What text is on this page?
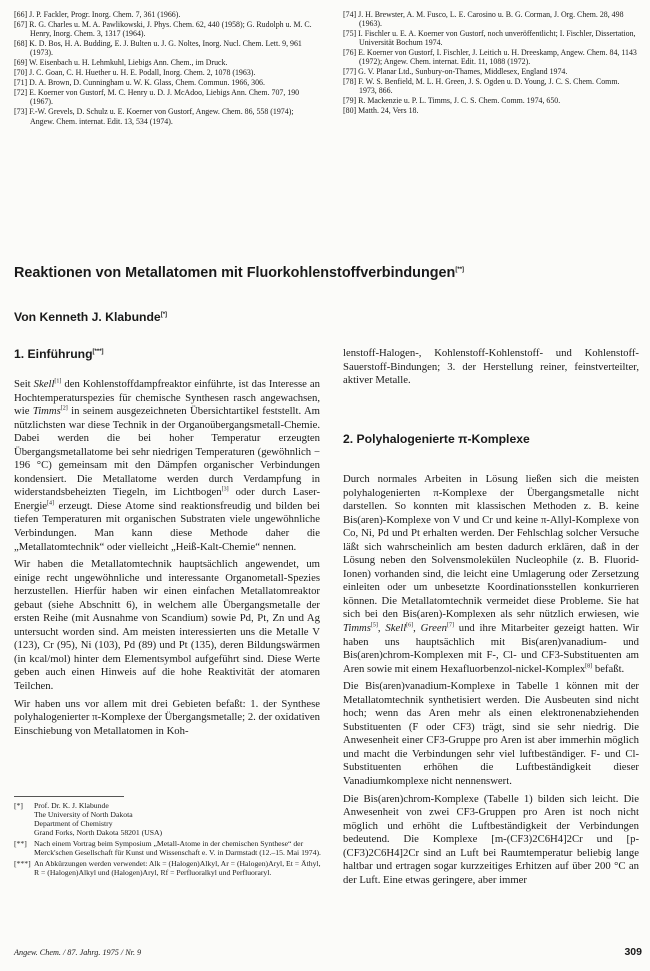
[66] J. P. Fackler, Progr. Inorg. Chem. 7, 361 (1966).
[67] R. G. Charles u. M. A. Pawlikowski, J. Phys. Chem. 62, 440 (1958); G. Rudolph u. M. C. Henry, Inorg. Chem. 3, 1317 (1964).
[68] K. D. Bos, H. A. Budding, E. J. Bulten u. J. G. Noltes, Inorg. Nucl. Chem. Lett. 9, 961 (1973).
[69] W. Eisenbach u. H. Lehmkuhl, Liebigs Ann. Chem., im Druck.
[70] J. C. Goan, C. H. Huether u. H. E. Podall, Inorg. Chem. 2, 1078 (1963).
[71] D. A. Brown, D. Cunningham u. W. K. Glass, Chem. Commun. 1966, 306.
[72] E. Koerner von Gustorf, M. C. Henry u. D. J. McAdoo, Liebigs Ann. Chem. 707, 190 (1967).
[73] F.-W. Grevels, D. Schulz u. E. Koerner von Gustorf, Angew. Chem. 86, 558 (1974); Angew. Chem. internat. Edit. 13, 534 (1974).
[74] J. H. Brewster, A. M. Fusco, L. E. Carosino u. B. G. Corman, J. Org. Chem. 28, 498 (1963).
[75] I. Fischler u. E. A. Koerner von Gustorf, noch unveröffentlicht; I. Fischler, Dissertation, Universität Bochum 1974.
[76] E. Koerner von Gustorf, I. Fischler, J. Leitich u. H. Dreeskamp, Angew. Chem. 84, 1143 (1972); Angew. Chem. internat. Edit. 11, 1088 (1972).
[77] G. V. Planar Ltd., Sunbury-on-Thames, Middlesex, England 1974.
[78] F. W. S. Benfield, M. L. H. Green, J. S. Ogden u. D. Young, J. C. S. Chem. Comm. 1973, 866.
[79] R. Mackenzie u. P. L. Timms, J. C. S. Chem. Comm. 1974, 650.
[80] Matth. 24, Vers 18.
Reaktionen von Metallatomen mit Fluorkohlenstoffverbindungen[**]
Von Kenneth J. Klabunde[*]
1. Einführung[***]

Seit Skell[1] den Kohlenstoffdampfreaktor einführte, ist das Interesse an Hochtemperaturspezies für chemische Synthesen rasch angewachsen, wie Timms[2] in seinem ausgezeichneten Übersichtartikel feststellt. Am nützlichsten war diese Technik in der Organoübergangsmetall-Chemie. Dabei werden die bei hoher Temperatur erzeugten Übergangsmetallatome bei sehr niedrigen Temperaturen (gewöhnlich − 196 °C) gemeinsam mit den Dämpfen organischer Verbindungen kondensiert. Die Metallatome werden durch Verdampfung in widerstandsbeheizten Tiegeln, im Lichtbogen[3] oder durch Laser-Energie[4] erzeugt. Diese Atome sind reaktionsfreudig und bilden bei tiefen Temperaturen mit organischen Substraten viele ungewöhnliche Verbindungen. Man kann diese Methode daher die „Metallatomtechnik“ oder vielleicht „Heiß-Kalt-Chemie“ nennen.

Wir haben die Metallatomtechnik hauptsächlich angewendet, um einige recht ungewöhnliche und interessante Organometall-Spezies herzustellen. Hierfür haben wir einen einfachen Metallatomreaktor gebaut (siehe Abschnitt 6), in welchem alle Übergangsmetalle der ersten Reihe (mit Ausnahme von Scandium) sowie Pd, Pt, Zn und Ag untersucht worden sind. Am meisten interessierten uns die Metalle V (123), Cr (95), Ni (103), Pd (89) und Pt (135), deren Bildungswärmen (in kcal/mol) hinter dem Elementsymbol aufgeführt sind. Diese Werte geben auch einen Hinweis auf die hohe Reaktivität der atomaren Teilchen.

Wir haben uns vor allem mit drei Gebieten befaßt: 1. der Synthese polyhalogenierter π-Komplexe der Übergangsmetalle; 2. der oxidativen Einschiebung von Metallatomen in Koh-

[*] Prof. Dr. K. J. Klabunde
The University of North Dakota
Department of Chemistry
Grand Forks, North Dakota 58201 (USA)
[**] Nach einem Vortrag beim Symposium „Metall-Atome in der chemischen Synthese“ der Merck'schen Gesellschaft für Kunst und Wissenschaft e. V. in Darmstadt (12.–15. Mai 1974).
[***] An Abkürzungen werden verwendet: Alk = (Halogen)Alkyl, Ar = (Halogen)Aryl, Et = Äthyl, R = (Halogen)Alkyl und (Halogen)Aryl, Rf = Perfluoralkyl und Perfluoraryl.

lenstoff-Halogen-, Kohlenstoff-Kohlenstoff- und Kohlenstoff-Sauerstoff-Bindungen; 3. der Herstellung reiner, feinstverteilter, aktiver Metalle.

2. Polyhalogenierte π-Komplexe

Durch normales Arbeiten in Lösung ließen sich die meisten polyhalogenierten π-Komplexe der Übergangsmetalle nicht darstellen. So konnten mit klassischen Methoden z. B. keine Bis(aren)-Komplexe von V und Cr und keine π-Allyl-Komplexe von Co, Ni, Pd und Pt erhalten werden. Der Fehlschlag solcher Versuche läßt sich wahrscheinlich am besten dadurch erklären, daß in der Lösung neben den Solvensmolekülen Nucleophile (z. B. Fluorid-Ionen) vorhanden sind, die leicht eine Umlagerung oder Zersetzung einleiten oder um unbesetzte Koordinationsstellen konkurrieren können. Die Metallatomtechnik vermeidet diese Probleme. Sie hat sich bei den Bis(aren)-Komplexen als sehr nützlich erwiesen, wie Timms[5], Skell[6], Green[7] und ihre Mitarbeiter gezeigt hatten. Wir haben uns hauptsächlich mit Bis(aren)vanadium- und Bis(aren)chrom-Komplexen mit F-, Cl- und CF3-Substituenten am Aren sowie mit einem Hexafluorbenzol-nickel-Komplex[8] befaßt.

Die Bis(aren)vanadium-Komplexe in Tabelle 1 können mit der Metallatomtechnik synthetisiert werden. Die Ausbeuten sind nicht hoch; wenn das Aren mehr als einen elektronenabziehenden Substituenten (F oder CF3) trägt, sind sie sehr niedrig. Die Anwesenheit einer CF3-Gruppe pro Aren ist aber immerhin möglich und macht die Verbindungen sehr viel luftbeständiger. F- und Cl-Substituenten erhöhen die Luftbeständigkeit dieser Vanadiumkomplexe nicht nennenswert.

Die Bis(aren)chrom-Komplexe (Tabelle 1) bilden sich leicht. Die Anwesenheit von zwei CF3-Gruppen pro Aren ist noch nicht möglich und erhöht die Luftbeständigkeit der Verbindungen bedeutend. Die Komplexe [m-(CF3)2C6H4]2Cr und [p-(CF3)2C6H4]2Cr sind an Luft bei Raumtemperatur beliebig lange haltbar und ertragen sogar kurzzeitiges Erhitzen auf über 200 °C an der Luft. Eine etwas geringere, aber immer

Angew. Chem. / 87. Jahrg. 1975 / Nr. 9	309
